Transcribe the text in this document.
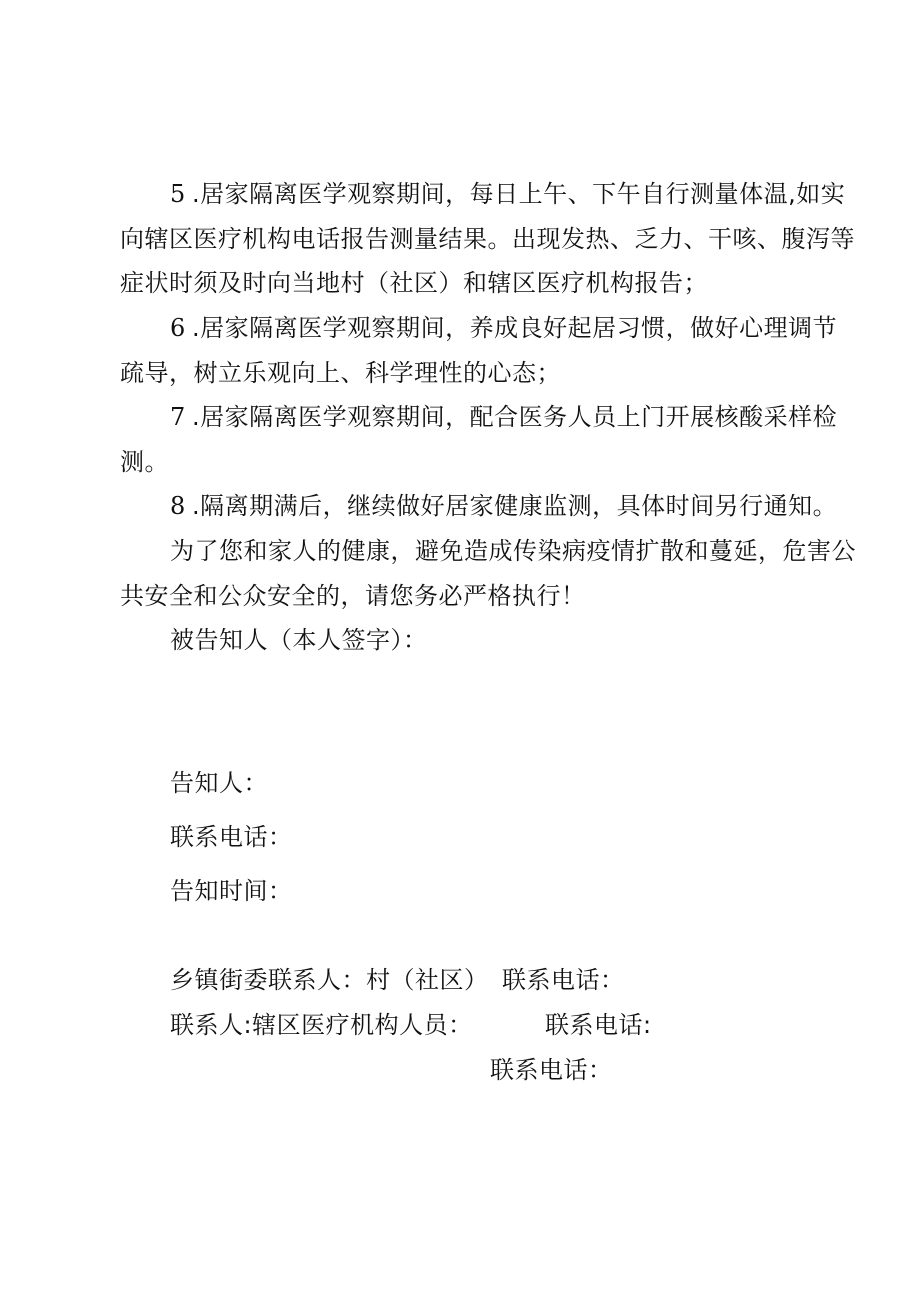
5 .居家隔离医学观察期间，每日上午、下午自行测量体温,如实
向辖区医疗机构电话报告测量结果。出现发热、乏力、干咳、腹泻等
症状时须及时向当地村（社区）和辖区医疗机构报告；
6 .居家隔离医学观察期间，养成良好起居习惯，做好心理调节
疏导，树立乐观向上、科学理性的心态；
7 .居家隔离医学观察期间，配合医务人员上门开展核酸采样检
测。
8 .隔离期满后，继续做好居家健康监测，具体时间另行通知。
为了您和家人的健康，避免造成传染病疫情扩散和蔓延，危害公
共安全和公众安全的，请您务必严格执行！
被告知人（本人签字）：
告知人：
联系电话：
告知时间：
乡镇街委联系人：村（社区） 联系电话：
联系人:辖区医疗机构人员：	联系电话:
联系电话：
